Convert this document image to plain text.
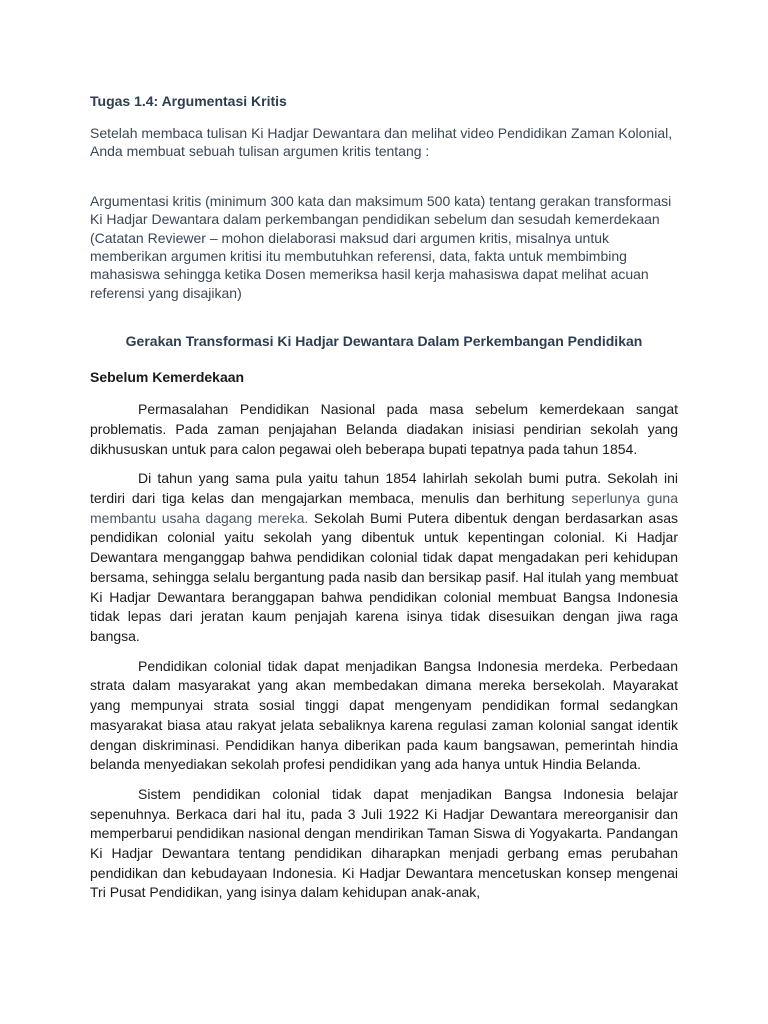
Tugas 1.4: Argumentasi Kritis

Setelah membaca tulisan Ki Hadjar Dewantara dan melihat video Pendidikan Zaman Kolonial, Anda membuat sebuah tulisan argumen kritis tentang :

Argumentasi kritis (minimum 300 kata dan maksimum 500 kata) tentang gerakan transformasi Ki Hadjar Dewantara dalam perkembangan pendidikan sebelum dan sesudah kemerdekaan (Catatan Reviewer – mohon dielaborasi maksud dari argumen kritis, misalnya untuk memberikan argumen kritisi itu membutuhkan referensi, data, fakta untuk membimbing mahasiswa sehingga ketika Dosen memeriksa hasil kerja mahasiswa dapat melihat acuan referensi yang disajikan)

Gerakan Transformasi Ki Hadjar Dewantara Dalam Perkembangan Pendidikan

Sebelum Kemerdekaan

Permasalahan Pendidikan Nasional pada masa sebelum kemerdekaan sangat problematis. Pada zaman penjajahan Belanda diadakan inisiasi pendirian sekolah yang dikhususkan untuk para calon pegawai oleh beberapa bupati tepatnya pada tahun 1854.

Di tahun yang sama pula yaitu tahun 1854 lahirlah sekolah bumi putra. Sekolah ini terdiri dari tiga kelas dan mengajarkan membaca, menulis dan berhitung seperlunya guna membantu usaha dagang mereka. Sekolah Bumi Putera dibentuk dengan berdasarkan asas pendidikan colonial yaitu sekolah yang dibentuk untuk kepentingan colonial. Ki Hadjar Dewantara menganggap bahwa pendidikan colonial tidak dapat mengadakan peri kehidupan bersama, sehingga selalu bergantung pada nasib dan bersikap pasif. Hal itulah yang membuat Ki Hadjar Dewantara beranggapan bahwa pendidikan colonial membuat Bangsa Indonesia tidak lepas dari jeratan kaum penjajah karena isinya tidak disesuikan dengan jiwa raga bangsa.

Pendidikan colonial tidak dapat menjadikan Bangsa Indonesia merdeka. Perbedaan strata dalam masyarakat yang akan membedakan dimana mereka bersekolah. Mayarakat yang mempunyai strata sosial tinggi dapat mengenyam pendidikan formal sedangkan masyarakat biasa atau rakyat jelata sebaliknya karena regulasi zaman kolonial sangat identik dengan diskriminasi. Pendidikan hanya diberikan pada kaum bangsawan, pemerintah hindia belanda menyediakan sekolah profesi pendidikan yang ada hanya untuk Hindia Belanda.

Sistem pendidikan colonial tidak dapat menjadikan Bangsa Indonesia belajar sepenuhnya. Berkaca dari hal itu, pada 3 Juli 1922 Ki Hadjar Dewantara mereorganisir dan memperbarui pendidikan nasional dengan mendirikan Taman Siswa di Yogyakarta. Pandangan Ki Hadjar Dewantara tentang pendidikan diharapkan menjadi gerbang emas perubahan pendidikan dan kebudayaan Indonesia. Ki Hadjar Dewantara mencetuskan konsep mengenai Tri Pusat Pendidikan, yang isinya dalam kehidupan anak-anak,
